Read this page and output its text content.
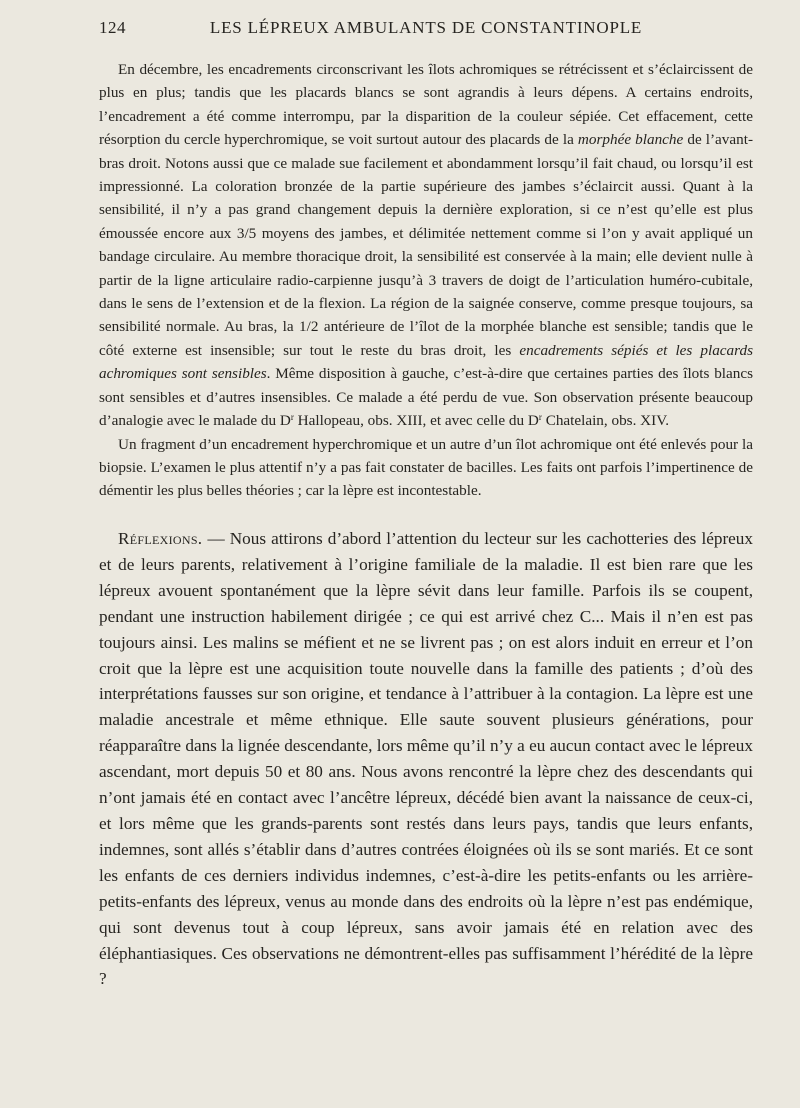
124	LES LÉPREUX AMBULANTS DE CONSTANTINOPLE

En décembre, les encadrements circonscrivant les îlots achromiques se rétrécissent et s’éclaircissent de plus en plus; tandis que les placards blancs se sont agrandis à leurs dépens. A certains endroits, l’encadrement a été comme interrompu, par la disparition de la couleur sépiée. Cet effacement, cette résorption du cercle hyperchromique, se voit surtout autour des placards de la morphée blanche de l’avant-bras droit. Notons aussi que ce malade sue facilement et abondamment lorsqu’il fait chaud, ou lorsqu’il est impressionné. La coloration bronzée de la partie supérieure des jambes s’éclaircit aussi. Quant à la sensibilité, il n’y a pas grand changement depuis la dernière exploration, si ce n’est qu’elle est plus émoussée encore aux 3/5 moyens des jambes, et délimitée nettement comme si l’on y avait appliqué un bandage circulaire. Au membre thoracique droit, la sensibilité est conservée à la main; elle devient nulle à partir de la ligne articulaire radio-carpienne jusqu’à 3 travers de doigt de l’articulation huméro-cubitale, dans le sens de l’extension et de la flexion. La région de la saignée conserve, comme presque toujours, sa sensibilité normale. Au bras, la 1/2 antérieure de l’îlot de la morphée blanche est sensible; tandis que le côté externe est insensible; sur tout le reste du bras droit, les encadrements sépiés et les placards achromiques sont sensibles. Même disposition à gauche, c’est-à-dire que certaines parties des îlots blancs sont sensibles et d’autres insensibles. Ce malade a été perdu de vue. Son observation présente beaucoup d’analogie avec le malade du $D^r$ Hallopeau, obs. XIII, et avec celle du $D^r$ Chatelain, obs. XIV.

Un fragment d’un encadrement hyperchromique et un autre d’un îlot achromique ont été enlevés pour la biopsie. L’examen le plus attentif n’y a pas fait constater de bacilles. Les faits ont parfois l’impertinence de démentir les plus belles théories ; car la lèpre est incontestable.

Réflexions. — Nous attirons d’abord l’attention du lecteur sur les cachotteries des lépreux et de leurs parents, relativement à l’origine familiale de la maladie. Il est bien rare que les lépreux avouent spontanément que la lèpre sévit dans leur famille. Parfois ils se coupent, pendant une instruction habilement dirigée ; ce qui est arrivé chez C... Mais il n’en est pas toujours ainsi. Les malins se méfient et ne se livrent pas ; on est alors induit en erreur et l’on croit que la lèpre est une acquisition toute nouvelle dans la famille des patients ; d’où des interprétations fausses sur son origine, et tendance à l’attribuer à la contagion. La lèpre est une maladie ancestrale et même ethnique. Elle saute souvent plusieurs générations, pour réapparaître dans la lignée descendante, lors même qu’il n’y a eu aucun contact avec le lépreux ascendant, mort depuis 50 et 80 ans. Nous avons rencontré la lèpre chez des descendants qui n’ont jamais été en contact avec l’ancêtre lépreux, décédé bien avant la naissance de ceux-ci, et lors même que les grands-parents sont restés dans leurs pays, tandis que leurs enfants, indemnes, sont allés s’établir dans d’autres contrées éloignées où ils se sont mariés. Et ce sont les enfants de ces derniers individus indemnes, c’est-à-dire les petits-enfants ou les arrière-petits-enfants des lépreux, venus au monde dans des endroits où la lèpre n’est pas endémique, qui sont devenus tout à coup lépreux, sans avoir jamais été en relation avec des éléphantiasiques. Ces observations ne démontrent-elles pas suffisamment l’hérédité de la lèpre ?
